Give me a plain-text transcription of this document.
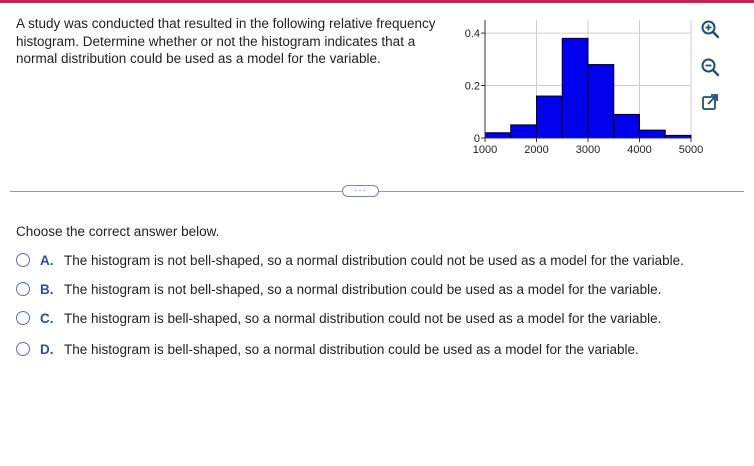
A study was conducted that resulted in the following relative frequency
histogram. Determine whether or not the histogram indicates that a
normal distribution could be used as a model for the variable.
0
0.2
0.4
1000 2000 3000 4000 5000
···
Choose the correct answer below.
A. The histogram is not bell-shaped, so a normal distribution could not be used as a model for the variable.
B. The histogram is not bell-shaped, so a normal distribution could be used as a model for the variable.
C. The histogram is bell-shaped, so a normal distribution could not be used as a model for the variable.
D. The histogram is bell-shaped, so a normal distribution could be used as a model for the variable.
